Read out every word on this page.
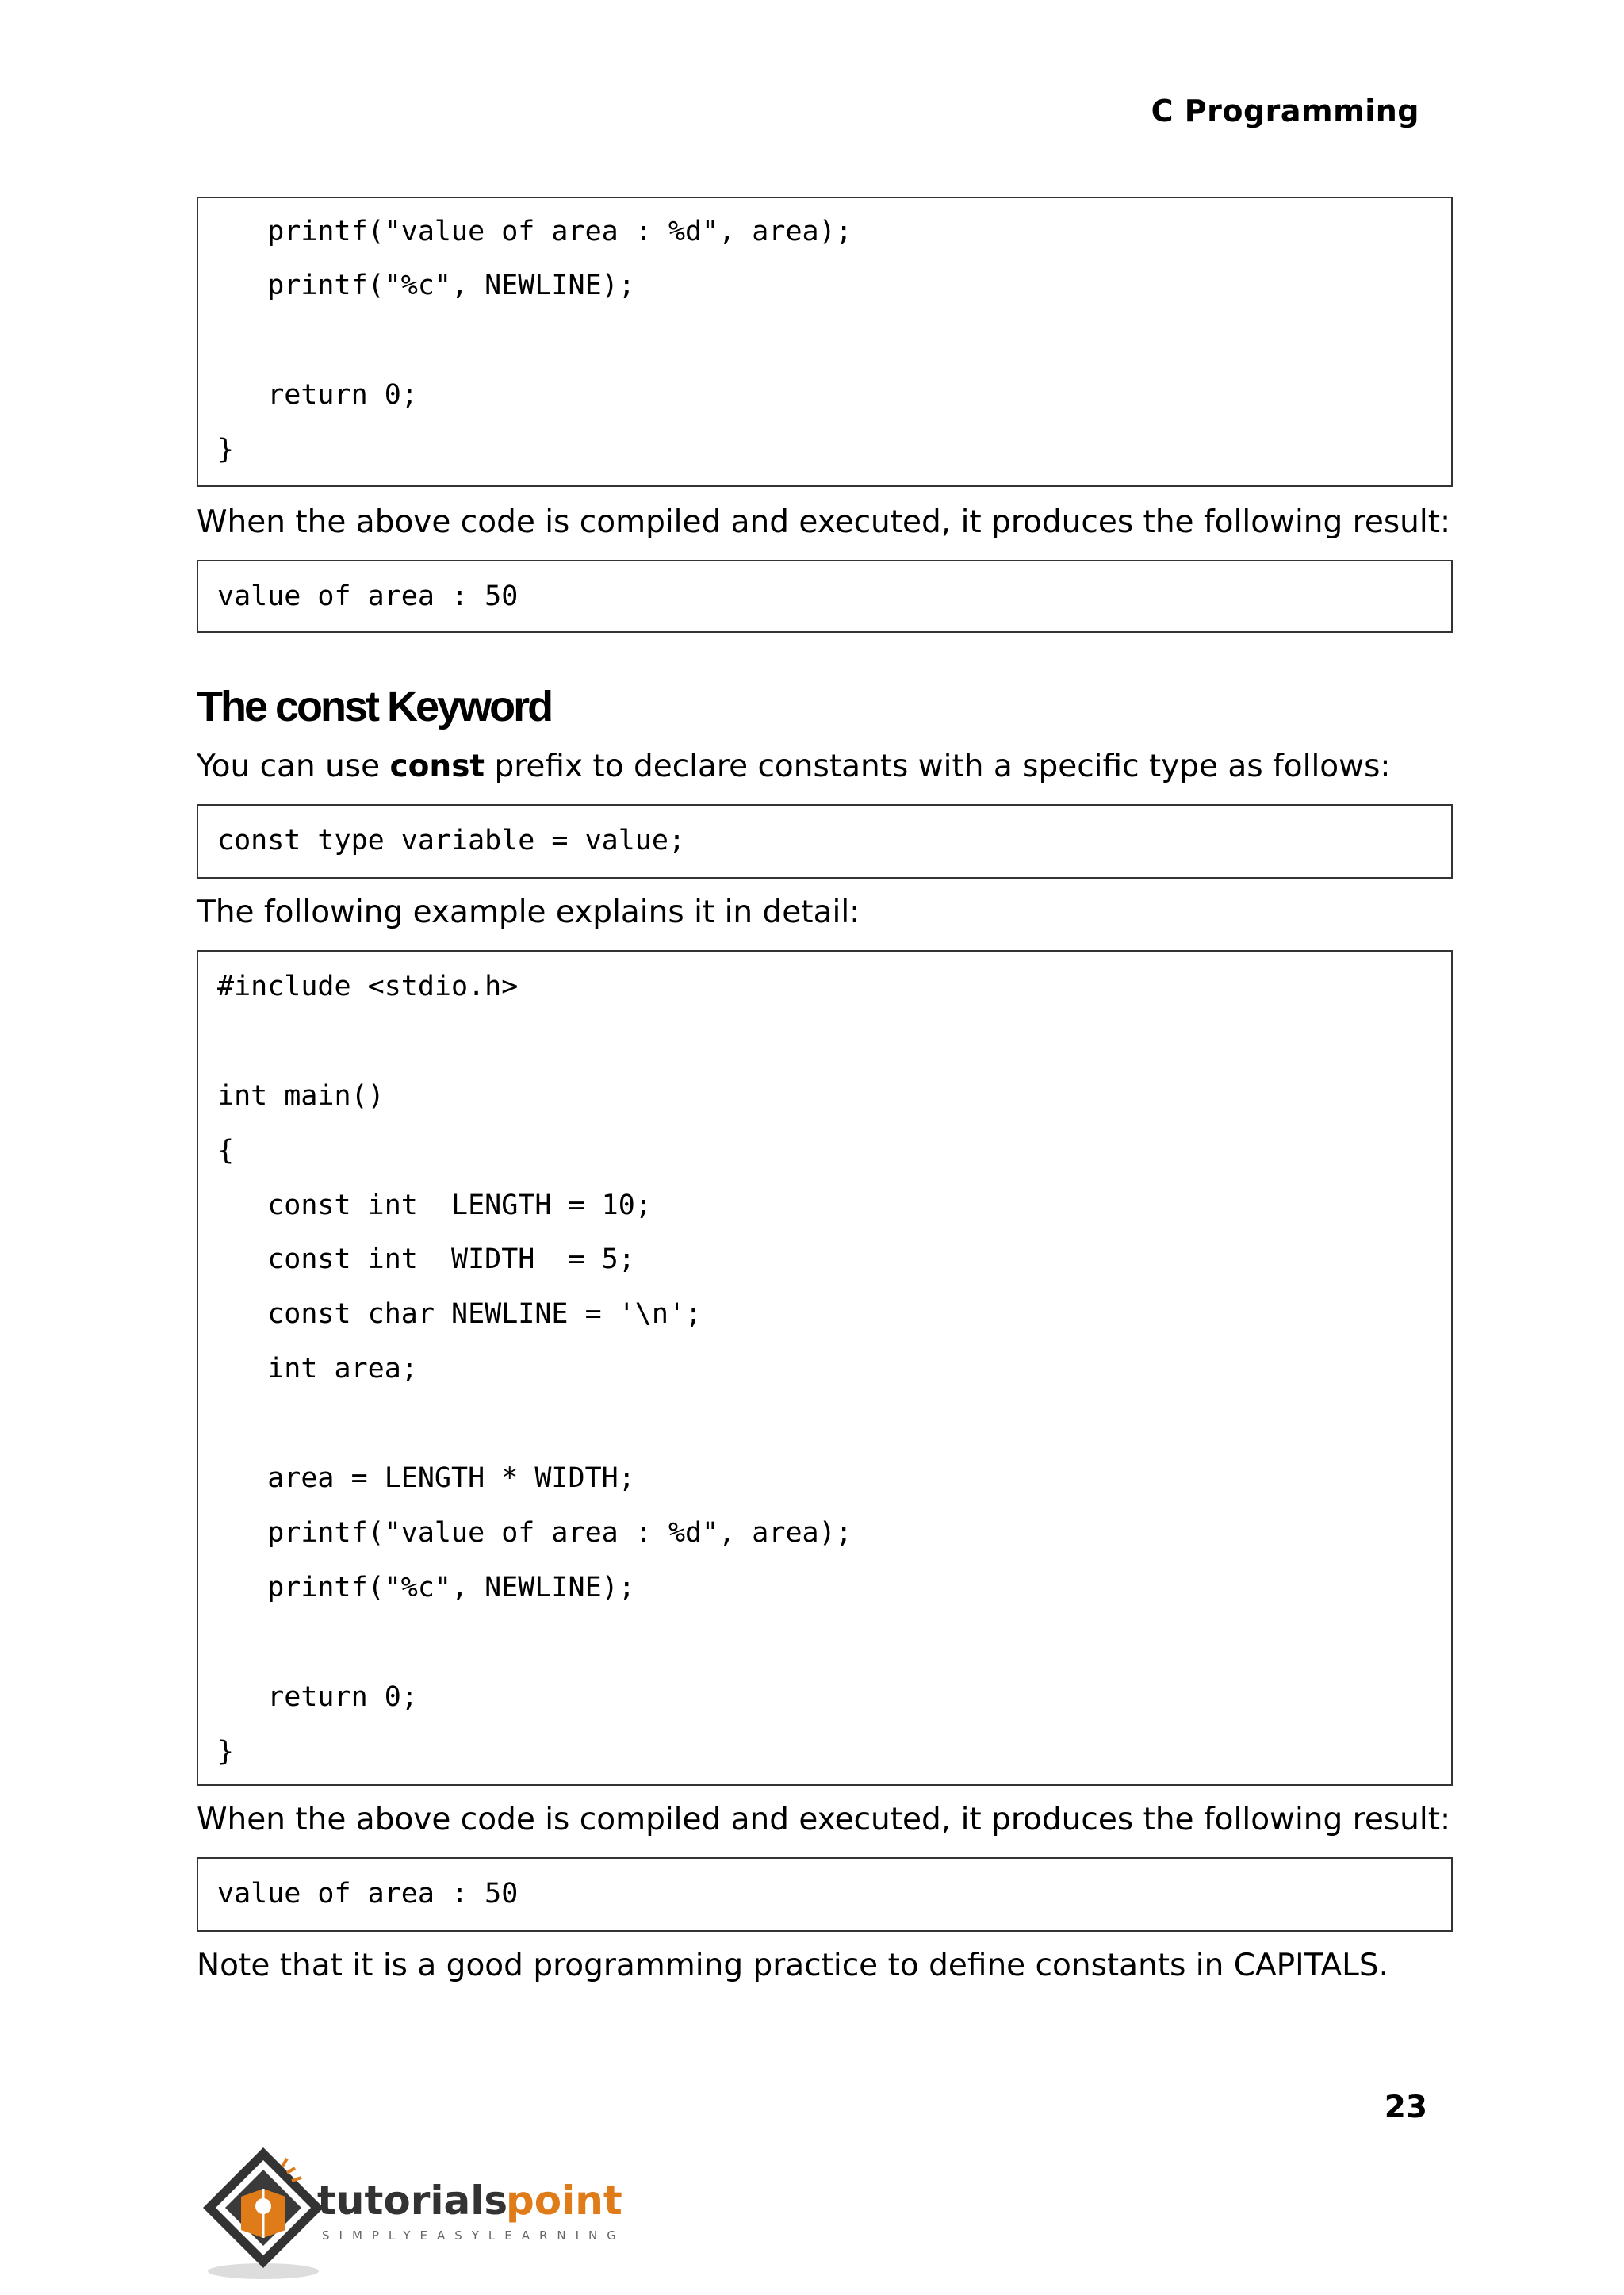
C Programming
printf("value of area : %d", area);
printf("%c", NEWLINE);
return 0;
}
When the above code is compiled and executed, it produces the following result:
value of area : 50
The const Keyword
You can use const prefix to declare constants with a specific type as follows:
const type variable = value;
The following example explains it in detail:
#include <stdio.h>
int main()
{
const int  LENGTH = 10;
const int  WIDTH  = 5;
const char NEWLINE = '\n';
int area;
area = LENGTH * WIDTH;
printf("value of area : %d", area);
printf("%c", NEWLINE);
return 0;
}
When the above code is compiled and executed, it produces the following result:
value of area : 50
Note that it is a good programming practice to define constants in CAPITALS.
23
tutorials
point
SIMPLYEASYLEARNING
